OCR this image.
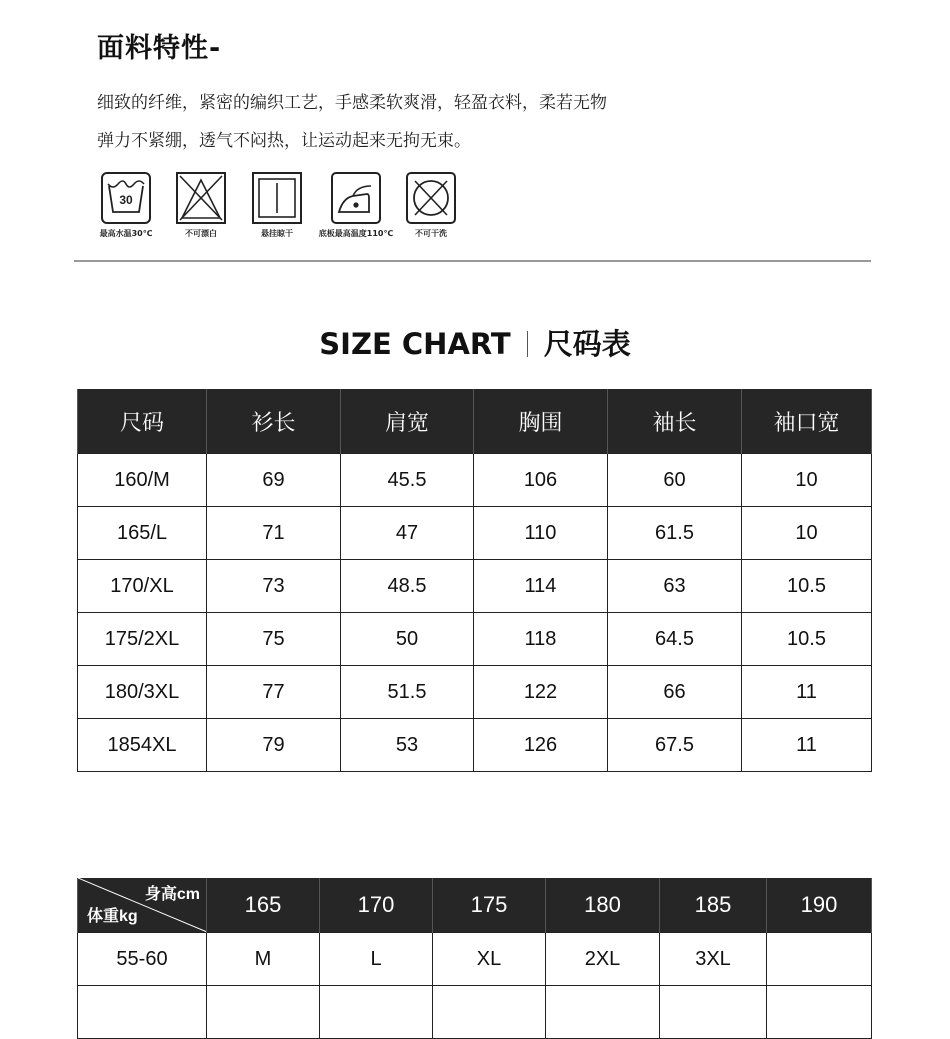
面料特性-
细致的纤维，紧密的编织工艺，手感柔软爽滑，轻盈衣料，柔若无物
弹力不紧绷，透气不闷热，让运动起来无拘无束。
30
最高水温30℃	不可漂白	悬挂晾干	底板最高温度110℃	不可干洗
SIZE CHART 尺码表
尺码	衫长	肩宽	胸围	袖长	袖口宽
160/M	69	45.5	106	60	10
165/L	71	47	110	61.5	10
170/XL	73	48.5	114	63	10.5
175/2XL	75	50	118	64.5	10.5
180/3XL	77	51.5	122	66	11
1854XL	79	53	126	67.5	11
身高cm
体重kg	165	170	175	180	185	190
55-60	M	L	XL	2XL	3XL	
